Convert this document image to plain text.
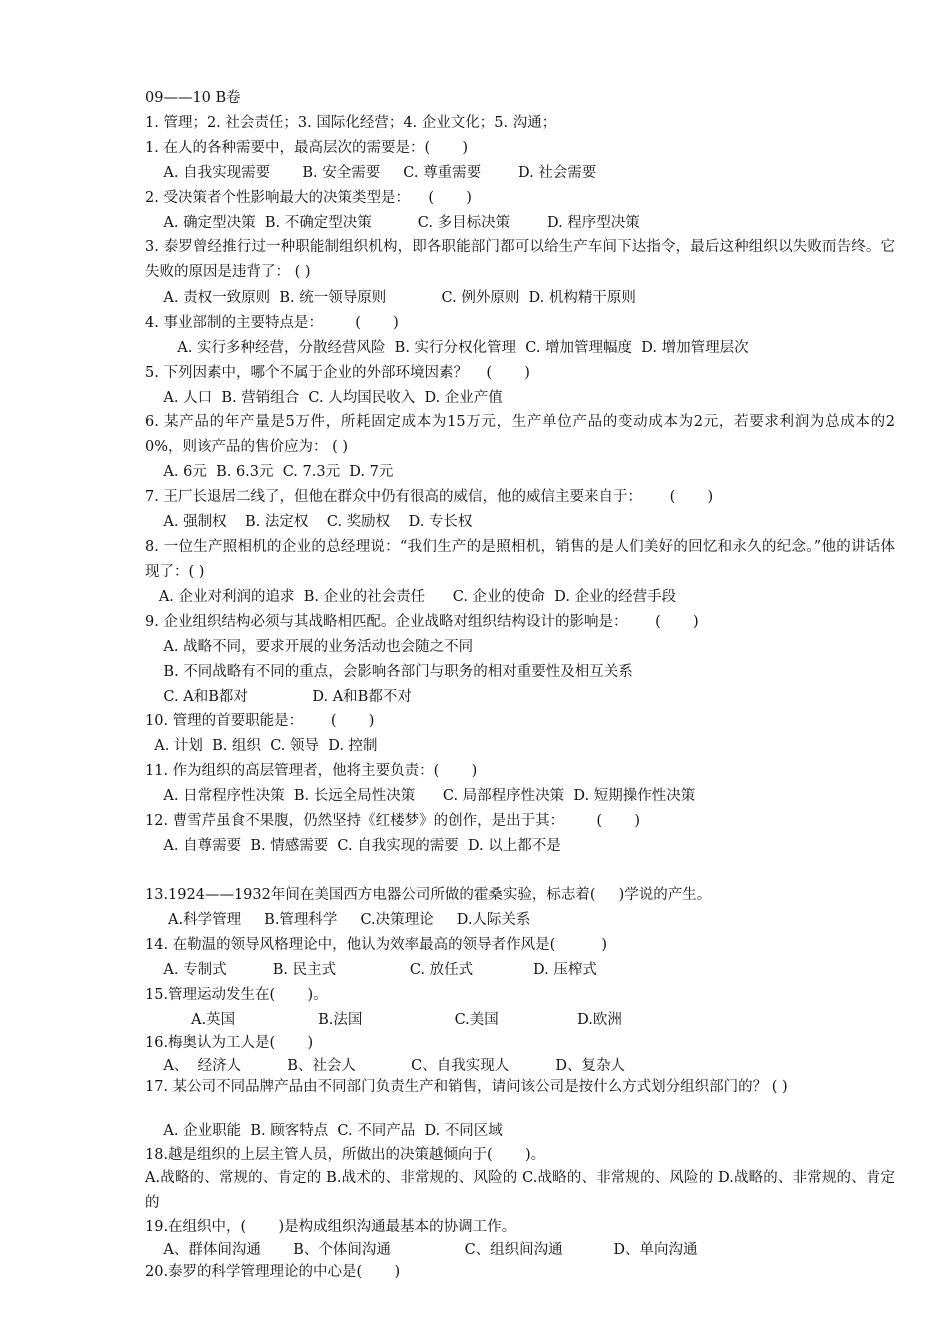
09——10 B卷
1. 管理；2. 社会责任；3. 国际化经营；4. 企业文化；5. 沟通；
1. 在人的各种需要中，最高层次的需要是：(       )
A. 自我实现需要       B. 安全需要     C. 尊重需要        D. 社会需要
2. 受决策者个性影响最大的决策类型是：    (       )
A. 确定型决策  B. 不确定型决策          C. 多目标决策        D. 程序型决策
3. 泰罗曾经推行过一种职能制组织机构，即各职能部门都可以给生产车间下达指令，最后这种组织以失败而告终。它失败的原因是违背了： ( )
A. 责权一致原则  B. 统一领导原则            C. 例外原则  D. 机构精干原则
4. 事业部制的主要特点是：       (       )
A. 实行多种经营，分散经营风险  B. 实行分权化管理  C. 增加管理幅度  D. 增加管理层次
5. 下列因素中，哪个不属于企业的外部环境因素？    (       )
A. 人口  B. 营销组合  C. 人均国民收入  D. 企业产值
6. 某产品的年产量是5万件，所耗固定成本为15万元，生产单位产品的变动成本为2元，若要求利润为总成本的20%，则该产品的售价应为： ( )
A. 6元  B. 6.3元  C. 7.3元  D. 7元
7. 王厂长退居二线了，但他在群众中仍有很高的威信，他的威信主要来自于：      (       )
A. 强制权    B. 法定权    C. 奖励权    D. 专长权
8. 一位生产照相机的企业的总经理说：“我们生产的是照相机，销售的是人们美好的回忆和永久的纪念。”他的讲话体现了：( )
A. 企业对利润的追求  B. 企业的社会责任      C. 企业的使命  D. 企业的经营手段
9. 企业组织结构必须与其战略相匹配。企业战略对组织结构设计的影响是：      (       )
A. 战略不同，要求开展的业务活动也会随之不同
B. 不同战略有不同的重点，会影响各部门与职务的相对重要性及相互关系
C. A和B都对              D. A和B都不对
10. 管理的首要职能是：      (       )
A. 计划  B. 组织  C. 领导  D. 控制
11. 作为组织的高层管理者，他将主要负责：(       )
A. 日常程序性决策  B. 长远全局性决策      C. 局部程序性决策  D. 短期操作性决策
12. 曹雪芹虽食不果腹，仍然坚持《红楼梦》的创作，是出于其：       (       )
A. 自尊需要  B. 情感需要  C. 自我实现的需要  D. 以上都不是
13.1924——1932年间在美国西方电器公司所做的霍桑实验，标志着(     )学说的产生。
A.科学管理     B.管理科学     C.决策理论     D.人际关系
14. 在勒温的领导风格理论中，他认为效率最高的领导者作风是(          )
A. 专制式          B. 民主式                C. 放任式             D. 压榨式
15.管理运动发生在(       )。
A.英国                  B.法国                    C.美国                 D.欧洲
16.梅奥认为工人是(       )
A、  经济人          B、社会人            C、自我实现人          D、复杂人
17. 某公司不同品牌产品由不同部门负责生产和销售，请问该公司是按什么方式划分组织部门的？ ( )
A. 企业职能  B. 顾客特点  C. 不同产品  D. 不同区域
18.越是组织的上层主管人员，所做出的决策越倾向于(       )。
A.战略的、常规的、肯定的 B.战术的、非常规的、风险的 C.战略的、非常规的、风险的 D.战略的、非常规的、肯定的
19.在组织中，(       )是构成组织沟通最基本的协调工作。
A、群体间沟通       B、个体间沟通                C、组织间沟通           D、单向沟通
20.泰罗的科学管理理论的中心是(       )
